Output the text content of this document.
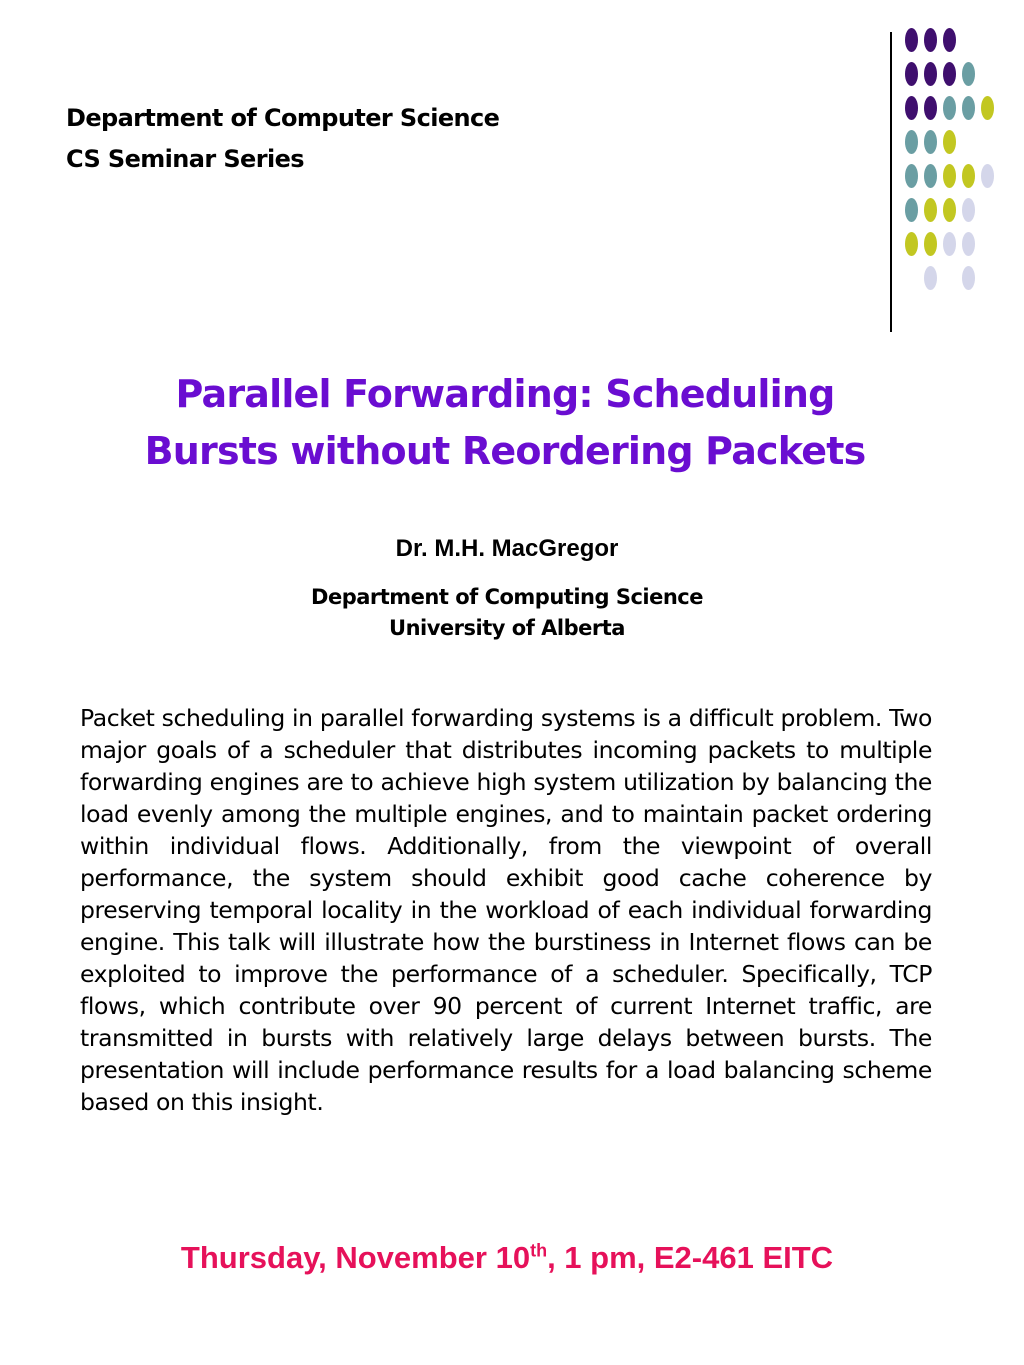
Department of Computer Science
CS Seminar Series
Parallel Forwarding: Scheduling
Bursts without Reordering Packets
Dr. M.H. MacGregor
Department of Computing Science
University of Alberta
Packet scheduling in parallel forwarding systems is a difficult problem. Two major goals of a scheduler that distributes incoming packets to multiple forwarding engines are to achieve high system utilization by balancing the load evenly among the multiple engines, and to maintain packet ordering within individual flows. Additionally, from the viewpoint of overall performance, the system should exhibit good cache coherence by preserving temporal locality in the workload of each individual forwarding engine. This talk will illustrate how the burstiness in Internet flows can be exploited to improve the performance of a scheduler. Specifically, TCP flows, which contribute over 90 percent of current Internet traffic, are transmitted in bursts with relatively large delays between bursts. The presentation will include performance results for a load balancing scheme based on this insight.
Thursday, November 10th, 1 pm, E2-461 EITC
